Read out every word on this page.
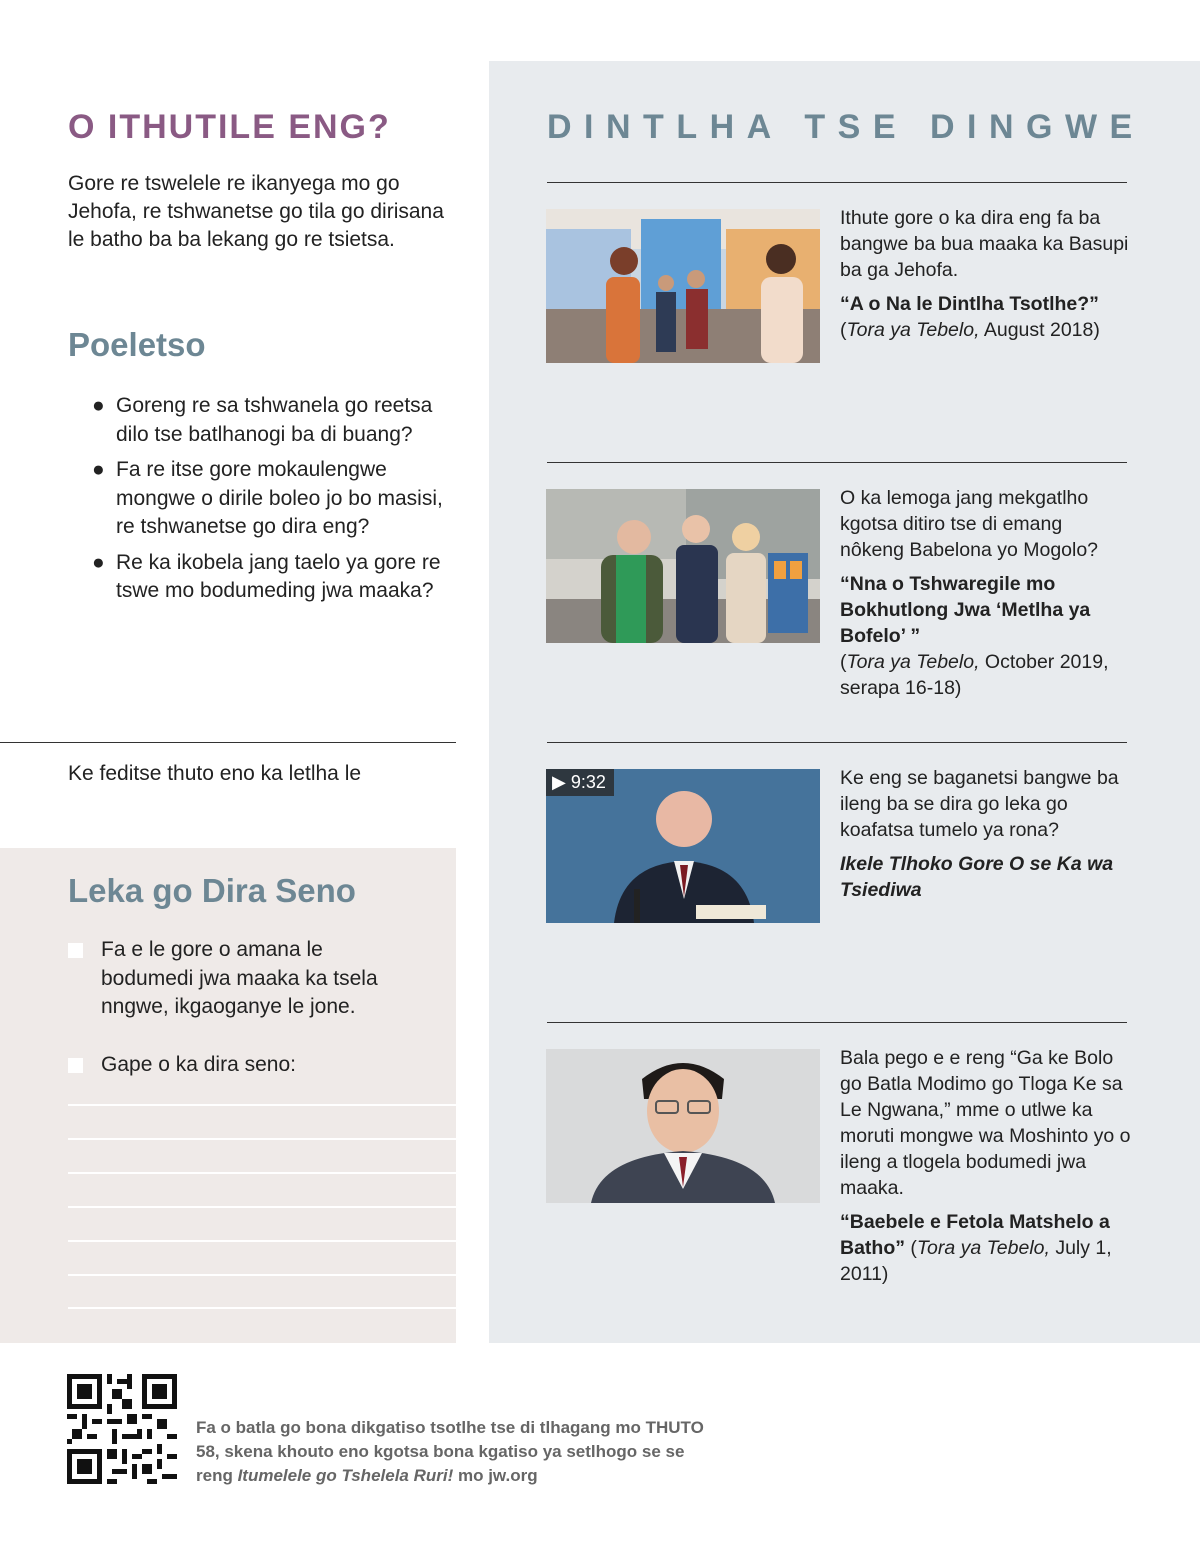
O ITHUTILE ENG?

Gore re tswelele re ikanyega mo go Jehofa, re tshwanetse go tila go dirisana le batho ba ba lekang go re tsietsa.

Poeletso
● Goreng re sa tshwanela go reetsa dilo tse batlhanogi ba di buang?
● Fa re itse gore mokaulengwe mongwe o dirile boleo jo bo masisi, re tshwanetse go dira eng?
● Re ka ikobela jang taelo ya gore re tswe mo bodumeding jwa maaka?

Ke feditse thuto eno ka letlha le

Leka go Dira Seno

Fa e le gore o amana le bodumedi jwa maaka ka tsela nngwe, ikgaoganye le jone.

Gape o ka dira seno:

DINTLHA TSE DINGWE
Ithute gore o ka dira eng fa ba bangwe ba bua maaka ka Basupi ba ga Jehofa.
“A o Na le Dintlha Tsotlhe?”
(Tora ya Tebelo, August 2018)
O ka lemoga jang mekgatlho kgotsa ditiro tse di emang nôkeng Babelona yo Mogolo?
“Nna o Tshwaregile mo Bokhutlong Jwa ‘Metlha ya Bofelo’ ”
(Tora ya Tebelo, October 2019, serapa 16-18)
▶ 9:32	Ke eng se baganetsi bangwe ba ileng ba se dira go leka go koafatsa tumelo ya rona?
Ikele Tlhoko Gore O se Ka wa Tsiediwa
Bala pego e e reng “Ga ke Bolo go Batla Modimo go Tloga Ke sa Le Ngwana,” mme o utlwe ka moruti mongwe wa Moshinto yo o ileng a tlogela bodumedi jwa maaka.
“Baebele e Fetola Matshelo a Batho” (Tora ya Tebelo, July 1, 2011)

Fa o batla go bona dikgatiso tsotlhe tse di tlhagang mo THUTO 58, skena khouto eno kgotsa bona kgatiso ya setlhogo se se reng Itumelele go Tshelela Ruri! mo jw.org
